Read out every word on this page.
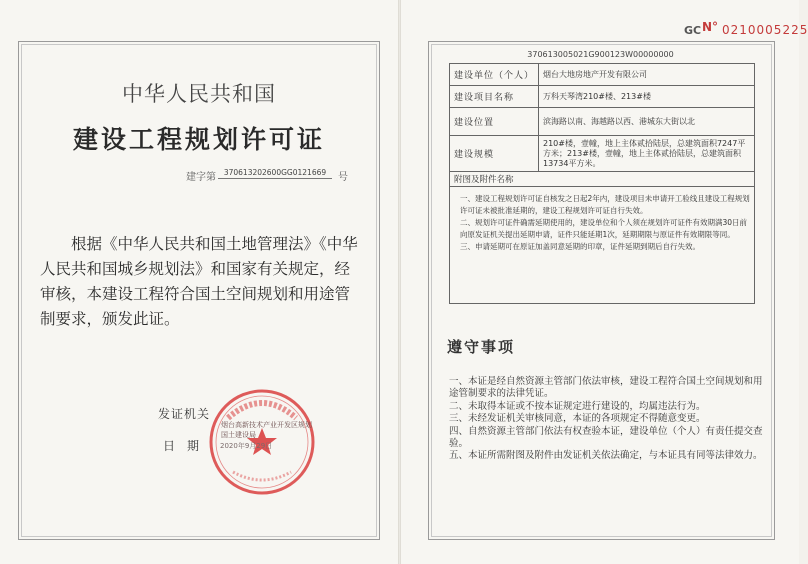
中华人民共和国
建设工程规划许可证
建字第	370613202600GG0121669	号
根据《中华人民共和国土地管理法》《中华人民共和国城乡规划法》和国家有关规定，经审核，本建设工程符合国土空间规划和用途管制要求，颁发此证。
发证机关
日期
烟台高新技术产业开发区规划国土建设局
2020年9月29日
GC N° 0210005225
370613005021G900123W00000000
建设单位（个人）	烟台大地房地产开发有限公司
建设项目名称	万科天琴湾210#楼、213#楼
建设位置	滨海路以南、海越路以西、港城东大街以北
建设规模	210#楼，壹幢，地上主体贰拾陆层，总建筑面积7247平方米；213#楼，壹幢，地上主体贰拾陆层，总建筑面积13734平方米。
附图及附件名称	

一、建设工程规划许可证自核发之日起2年内，建设项目未申请开工验线且建设工程规划许可证未被批准延期的，建设工程规划许可证自行失效。

二、规划许可证件确需延期使用的，建设单位和个人须在规划许可证件有效期满30日前向原发证机关提出延期申请，证件只能延期1次，延期期限与原证件有效期限等同。

三、申请延期可在原证加盖同意延期的印章，证件延期到期后自行失效。	

遵守事项

一、本证是经自然资源主管部门依法审核，建设工程符合国土空间规划和用途管制要求的法律凭证。

二、未取得本证或不按本证规定进行建设的，均属违法行为。

三、未经发证机关审核同意，本证的各项规定不得随意变更。

四、自然资源主管部门依法有权查验本证，建设单位（个人）有责任提交查验。

五、本证所需附图及附件由发证机关依法确定，与本证具有同等法律效力。
